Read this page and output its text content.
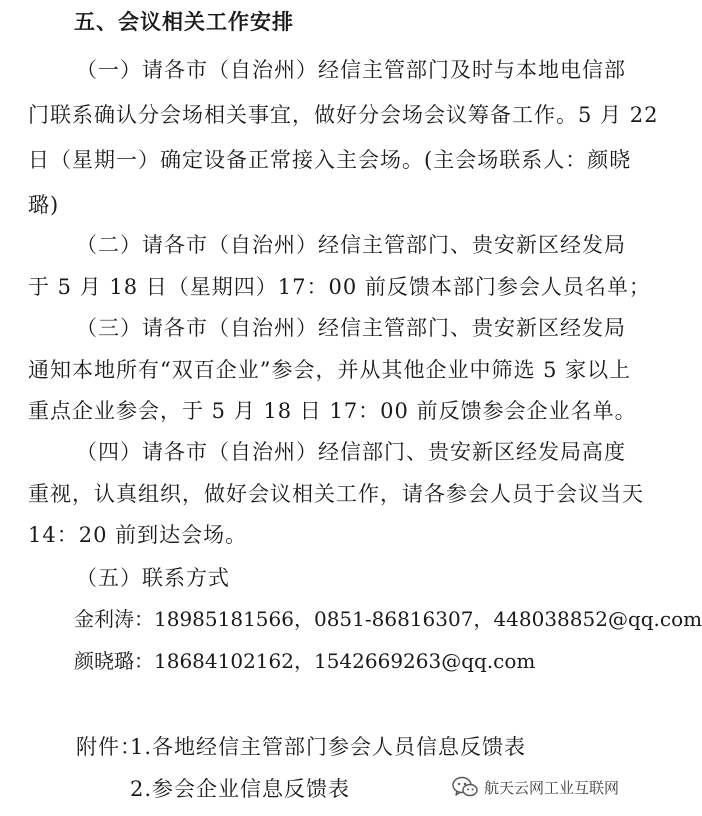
五、会议相关工作安排
（一）请各市（自治州）经信主管部门及时与本地电信部
门联系确认分会场相关事宜，做好分会场会议筹备工作。5 月 22
日（星期一）确定设备正常接入主会场。(主会场联系人：颜晓
璐)
（二）请各市（自治州）经信主管部门、贵安新区经发局
于 5 月 18 日（星期四）17：00 前反馈本部门参会人员名单；
（三）请各市（自治州）经信主管部门、贵安新区经发局
通知本地所有“双百企业”参会，并从其他企业中筛选 5 家以上
重点企业参会，于 5 月 18 日 17：00 前反馈参会企业名单。
（四）请各市（自治州）经信部门、贵安新区经发局高度
重视，认真组织，做好会议相关工作，请各参会人员于会议当天
14：20 前到达会场。
（五）联系方式
金利涛：18985181566，0851-86816307，448038852@qq.com
颜晓璐：18684102162，1542669263@qq.com
附件：
1.各地经信主管部门参会人员信息反馈表
2.参会企业信息反馈表	航天云网工业互联网
